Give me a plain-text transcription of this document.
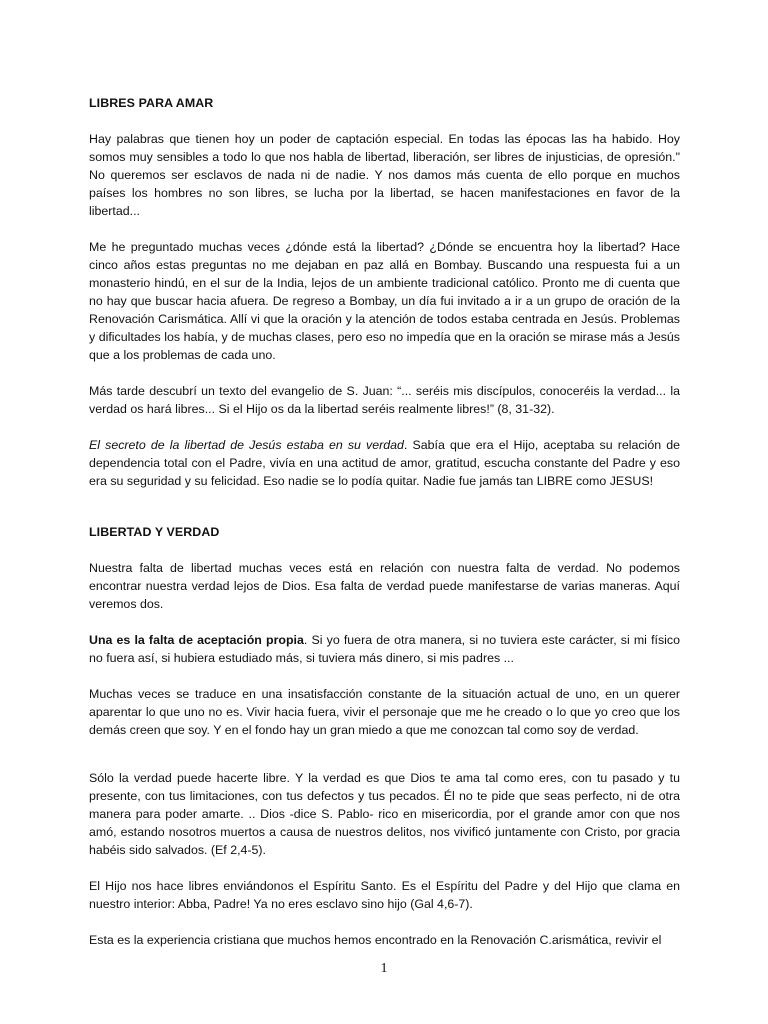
LIBRES PARA AMAR

Hay palabras que tienen hoy un poder de captación especial. En todas las épocas las ha habido. Hoy somos muy sensibles a todo lo que nos habla de libertad, liberación, ser libres de injusticias, de opresión." No queremos ser esclavos de nada ni de nadie. Y nos damos más cuenta de ello porque en muchos países los hombres no son libres, se lucha por la libertad, se hacen manifestaciones en favor de la libertad...

Me he preguntado muchas veces ¿dónde está la libertad? ¿Dónde se encuentra hoy la libertad? Hace cinco años estas preguntas no me dejaban en paz allá en Bombay. Buscando una respuesta fui a un monasterio hindú, en el sur de la India, lejos de un ambiente tradicional católico. Pronto me di cuenta que no hay que buscar hacia afuera. De regreso a Bombay, un día fui invitado a ir a un grupo de oración de la Renovación Carismática. Allí vi que la oración y la atención de todos estaba centrada en Jesús. Problemas y dificultades los había, y de muchas clases, pero eso no impedía que en la oración se mirase más a Jesús que a los problemas de cada uno.

Más tarde descubrí un texto del evangelio de S. Juan: “... seréis mis discípulos, conoceréis la verdad... la verdad os hará libres... Si el Hijo os da la libertad seréis realmente libres!” (8, 31-32).

El secreto de la libertad de Jesús estaba en su verdad. Sabía que era el Hijo, aceptaba su relación de dependencia total con el Padre, vivía en una actitud de amor, gratitud, escucha constante del Padre y eso era su seguridad y su felicidad. Eso nadie se lo podía quitar. Nadie fue jamás tan LIBRE como JESUS!

LIBERTAD Y VERDAD

Nuestra falta de libertad muchas veces está en relación con nuestra falta de verdad. No podemos encontrar nuestra verdad lejos de Dios. Esa falta de verdad puede manifestarse de varias maneras. Aquí veremos dos.

Una es la falta de aceptación propia. Si yo fuera de otra manera, si no tuviera este carácter, si mi físico no fuera así, si hubiera estudiado más, si tuviera más dinero, si mis padres ...

Muchas veces se traduce en una insatisfacción constante de la situación actual de uno, en un querer aparentar lo que uno no es. Vivir hacia fuera, vivir el personaje que me he creado o lo que yo creo que los demás creen que soy. Y en el fondo hay un gran miedo a que me conozcan tal como soy de verdad.

Sólo la verdad puede hacerte libre. Y la verdad es que Dios te ama tal como eres, con tu pasado y tu presente, con tus limitaciones, con tus defectos y tus pecados. Él no te pide que seas perfecto, ni de otra manera para poder amarte. .. Dios -dice S. Pablo- rico en misericordia, por el grande amor con que nos amó, estando nosotros muertos a causa de nuestros delitos, nos vivificó juntamente con Cristo, por gracia habéis sido salvados. (Ef 2,4-5).

El Hijo nos hace libres enviándonos el Espíritu Santo. Es el Espíritu del Padre y del Hijo que clama en nuestro interior: Abba, Padre! Ya no eres esclavo sino hijo (Gal 4,6-7).

Esta es la experiencia cristiana que muchos hemos encontrado en la Renovación C.arismática, revivir el

1
